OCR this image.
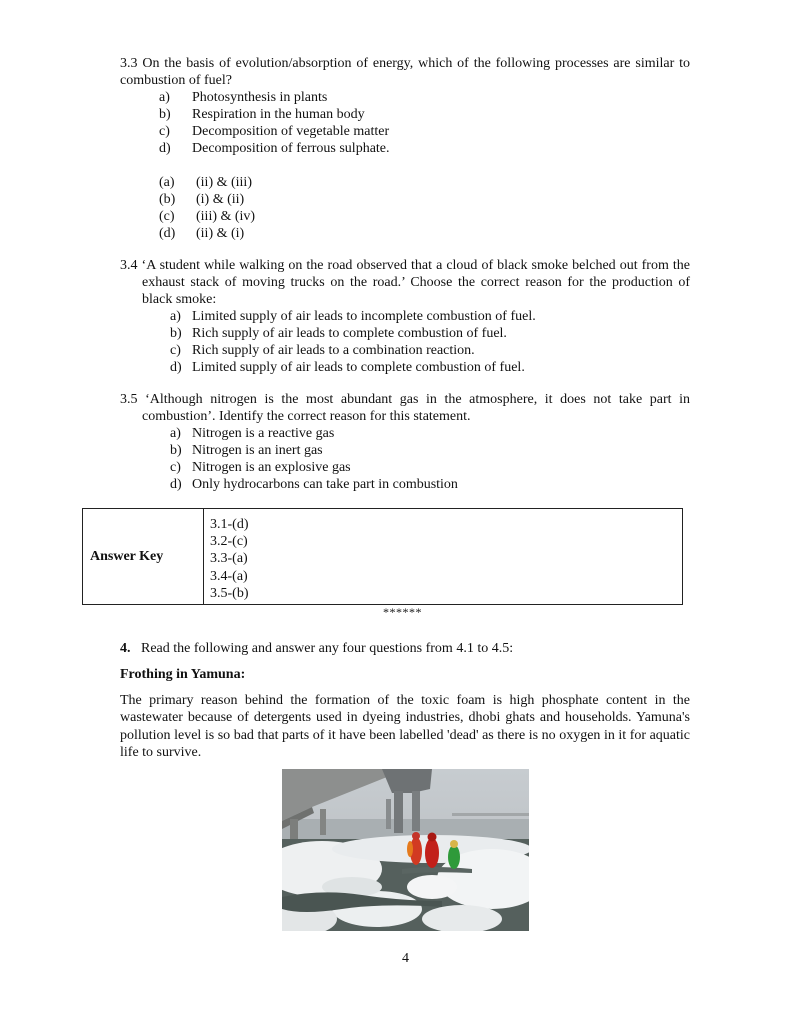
3.3 On the basis of evolution/absorption of energy, which of the following processes are similar to combustion of fuel?
a) Photosynthesis in plants
b) Respiration in the human body
c) Decomposition of vegetable matter
d) Decomposition of ferrous sulphate.
(a) (ii) & (iii)
(b) (i) & (ii)
(c) (iii) & (iv)
(d) (ii) & (i)
3.4 ‘A student while walking on the road observed that a cloud of black smoke belched out from the exhaust stack of moving trucks on the road.’ Choose the correct reason for the production of black smoke:
a) Limited supply of air leads to incomplete combustion of fuel.
b) Rich supply of air leads to complete combustion of fuel.
c) Rich supply of air leads to a combination reaction.
d) Limited supply of air leads to complete combustion of fuel.
3.5 ‘Although nitrogen is the most abundant gas in the atmosphere, it does not take part in combustion’. Identify the correct reason for this statement.
a) Nitrogen is a reactive gas
b) Nitrogen is an inert gas
c) Nitrogen is an explosive gas
d) Only hydrocarbons can take part in combustion
Answer Key	
3.1-(d)
3.2-(c)
3.3-(a)
3.4-(a)
3.5-(b)
******
4. Read the following and answer any four questions from 4.1 to 4.5:
Frothing in Yamuna:
The primary reason behind the formation of the toxic foam is high phosphate content in the wastewater because of detergents used in dyeing industries, dhobi ghats and households. Yamuna's pollution level is so bad that parts of it have been labelled 'dead' as there is no oxygen in it for aquatic life to survive.
4
